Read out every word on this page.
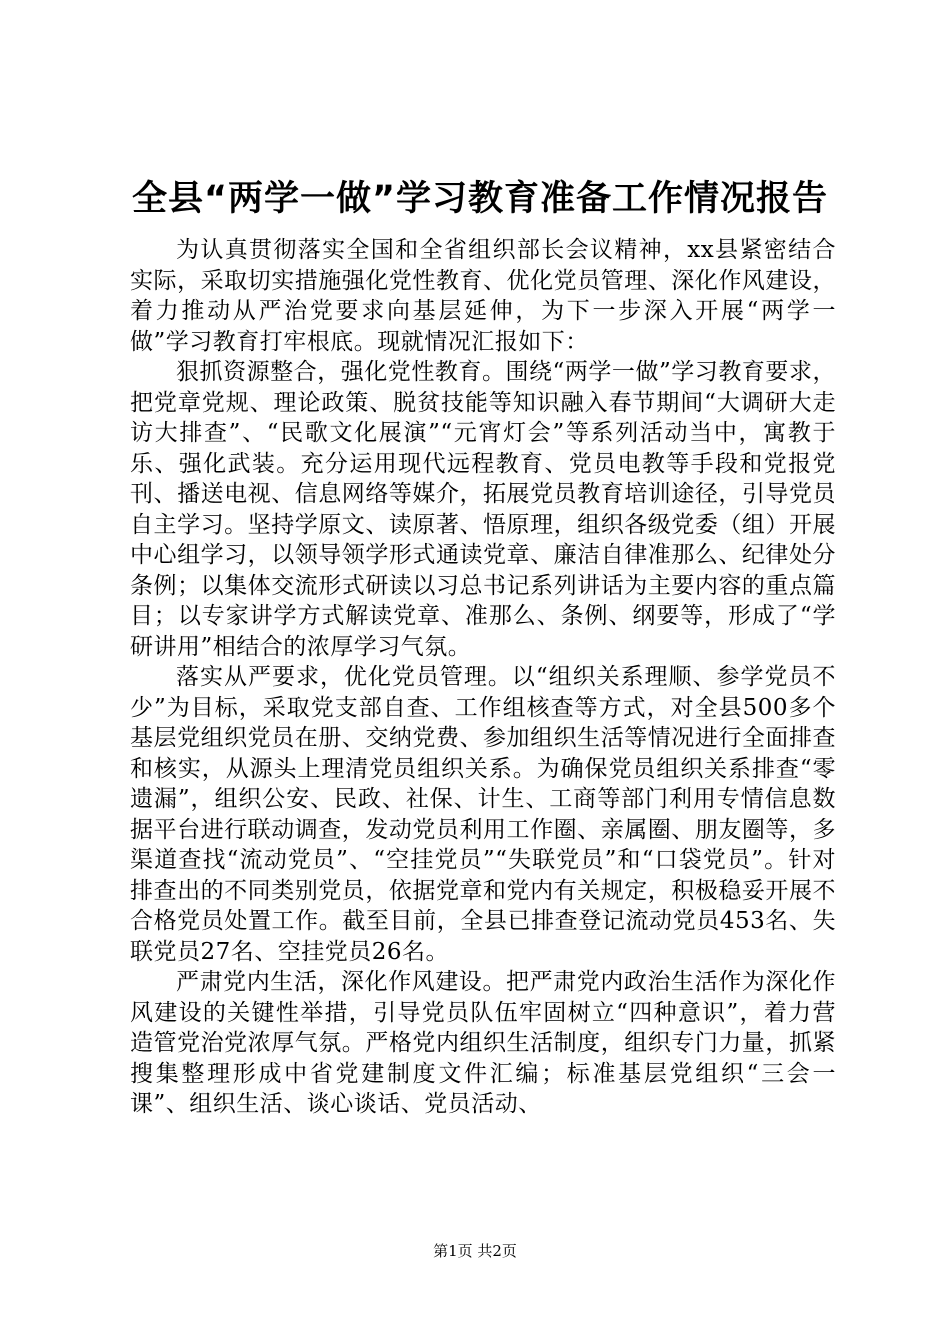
全县“两学一做”学习教育准备工作情况报告

为认真贯彻落实全国和全省组织部长会议精神，xx县紧密结合实际，采取切实措施强化党性教育、优化党员管理、深化作风建设，着力推动从严治党要求向基层延伸，为下一步深入开展“两学一做”学习教育打牢根底。现就情况汇报如下：

狠抓资源整合，强化党性教育。围绕“两学一做”学习教育要求，把党章党规、理论政策、脱贫技能等知识融入春节期间“大调研大走访大排查”、“民歌文化展演”“元宵灯会”等系列活动当中，寓教于乐、强化武装。充分运用现代远程教育、党员电教等手段和党报党刊、播送电视、信息网络等媒介，拓展党员教育培训途径，引导党员自主学习。坚持学原文、读原著、悟原理，组织各级党委（组）开展中心组学习，以领导领学形式通读党章、廉洁自律准那么、纪律处分条例；以集体交流形式研读以习总书记系列讲话为主要内容的重点篇目；以专家讲学方式解读党章、准那么、条例、纲要等，形成了“学研讲用”相结合的浓厚学习气氛。

落实从严要求，优化党员管理。以“组织关系理顺、参学党员不少”为目标，采取党支部自查、工作组核查等方式，对全县500多个基层党组织党员在册、交纳党费、参加组织生活等情况进行全面排查和核实，从源头上理清党员组织关系。为确保党员组织关系排查“零遗漏”，组织公安、民政、社保、计生、工商等部门利用专情信息数据平台进行联动调查，发动党员利用工作圈、亲属圈、朋友圈等，多渠道查找“流动党员”、“空挂党员”“失联党员”和“口袋党员”。针对排查出的不同类别党员，依据党章和党内有关规定，积极稳妥开展不合格党员处置工作。截至目前，全县已排查登记流动党员453名、失联党员27名、空挂党员26名。

严肃党内生活，深化作风建设。把严肃党内政治生活作为深化作风建设的关键性举措，引导党员队伍牢固树立“四种意识”，着力营造管党治党浓厚气氛。严格党内组织生活制度，组织专门力量，抓紧搜集整理形成中省党建制度文件汇编；标准基层党组织“三会一课”、组织生活、谈心谈话、党员活动、

第1页 共2页
